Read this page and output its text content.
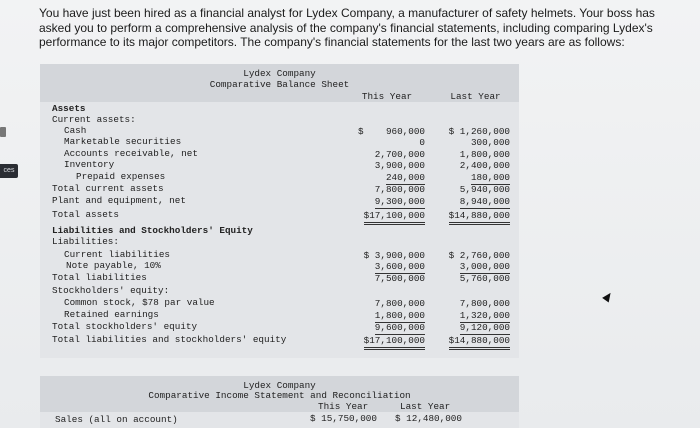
ces
You have just been hired as a financial analyst for Lydex Company, a manufacturer of safety helmets. Your boss has asked you to perform a comprehensive analysis of the company's financial statements, including comparing Lydex's performance to its major competitors. The company's financial statements for the last two years are as follows:
Lydex Company
Comparative Balance Sheet
This Year	Last Year
Assets
Current assets:
Cash	$ 960,000	$ 1,260,000
Marketable securities	0	300,000
Accounts receivable, net	2,700,000	1,800,000
Inventory	3,900,000	2,400,000
Prepaid expenses	240,000	180,000
Total current assets	7,800,000	5,940,000
Plant and equipment, net	9,300,000	8,940,000
Total assets	$17,100,000	$14,880,000
Liabilities and Stockholders' Equity
Liabilities:
Current liabilities	$ 3,900,000	$ 2,760,000
Note payable, 10%	3,600,000	3,000,000
Total liabilities	7,500,000	5,760,000
Stockholders' equity:
Common stock, $78 par value	7,800,000	7,800,000
Retained earnings	1,800,000	1,320,000
Total stockholders' equity	9,600,000	9,120,000
Total liabilities and stockholders' equity	$17,100,000	$14,880,000
Lydex Company
Comparative Income Statement and Reconciliation
This Year	Last Year
Sales (all on account)	$ 15,750,000 $ 12,480,000
